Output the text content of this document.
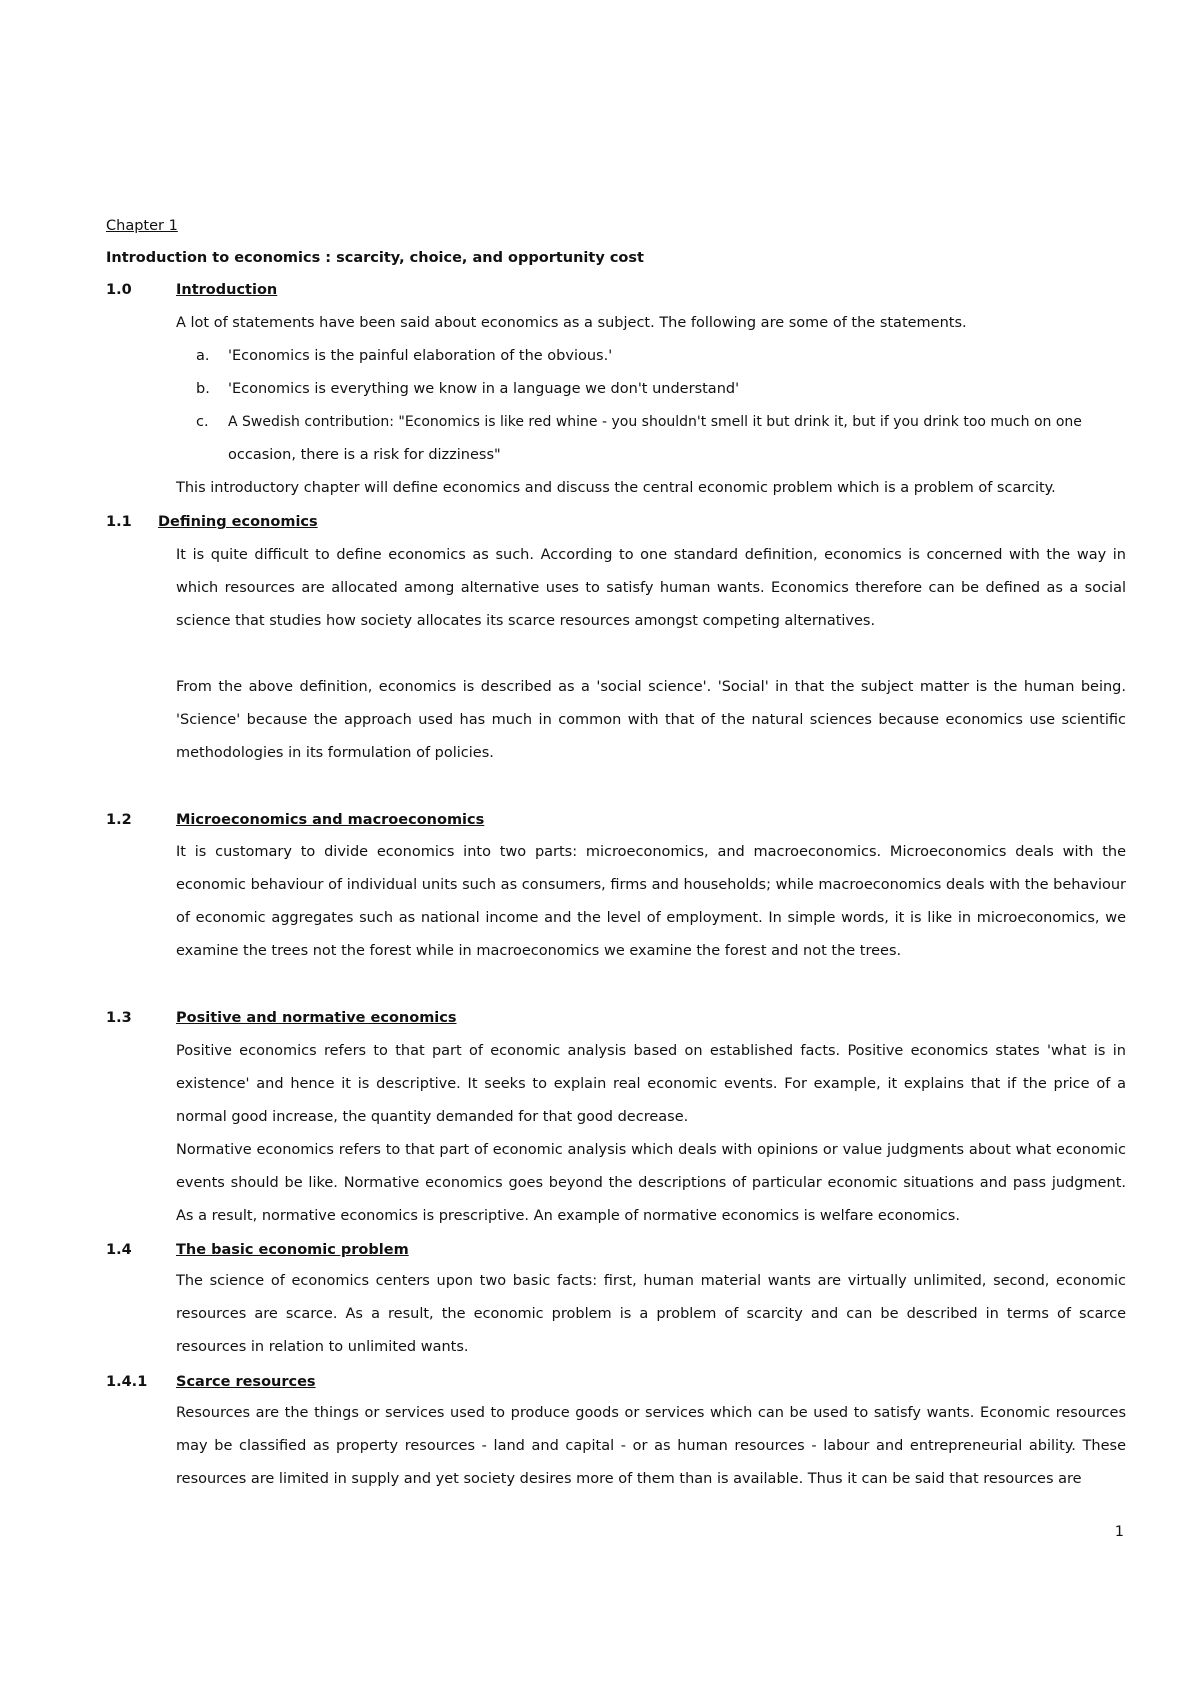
Chapter 1
Introduction to economics : scarcity, choice, and opportunity cost
1.0	Introduction
A lot of statements have been said about economics as a subject. The following are some of the statements.
a. 'Economics is the painful elaboration of the obvious.'
b. 'Economics is everything we know in a language we don't understand'
c. A Swedish contribution: "Economics is like red whine - you shouldn't smell it but drink it, but if you drink too much on one
occasion, there is a risk for dizziness"
This introductory chapter will define economics and discuss the central economic problem which is a problem of scarcity.
1.1 Defining economics
It is quite difficult to define economics as such. According to one standard definition, economics is concerned with the way in which resources are allocated among alternative uses to satisfy human wants. Economics therefore can be defined as a social science that studies how society allocates its scarce resources amongst competing alternatives.
From the above definition, economics is described as a 'social science'. 'Social' in that the subject matter is the human being. 'Science' because the approach used has much in common with that of the natural sciences because economics use scientific methodologies in its formulation of policies.
1.2	Microeconomics and macroeconomics
It is customary to divide economics into two parts: microeconomics, and macroeconomics. Microeconomics deals with the economic behaviour of individual units such as consumers, firms and households; while macroeconomics deals with the behaviour of economic aggregates such as national income and the level of employment. In simple words, it is like in microeconomics, we examine the trees not the forest while in macroeconomics we examine the forest and not the trees.
1.3	Positive and normative economics
Positive economics refers to that part of economic analysis based on established facts. Positive economics states 'what is in existence' and hence it is descriptive. It seeks to explain real economic events. For example, it explains that if the price of a normal good increase, the quantity demanded for that good decrease.
Normative economics refers to that part of economic analysis which deals with opinions or value judgments about what economic events should be like. Normative economics goes beyond the descriptions of particular economic situations and pass judgment. As a result, normative economics is prescriptive. An example of normative economics is welfare economics.
1.4	The basic economic problem
The science of economics centers upon two basic facts: first, human material wants are virtually unlimited, second, economic resources are scarce. As a result, the economic problem is a problem of scarcity and can be described in terms of scarce resources in relation to unlimited wants.
1.4.1 Scarce resources
Resources are the things or services used to produce goods or services which can be used to satisfy wants. Economic resources may be classified as property resources - land and capital - or as human resources - labour and entrepreneurial ability. These resources are limited in supply and yet society desires more of them than is available. Thus it can be said that resources are
1
